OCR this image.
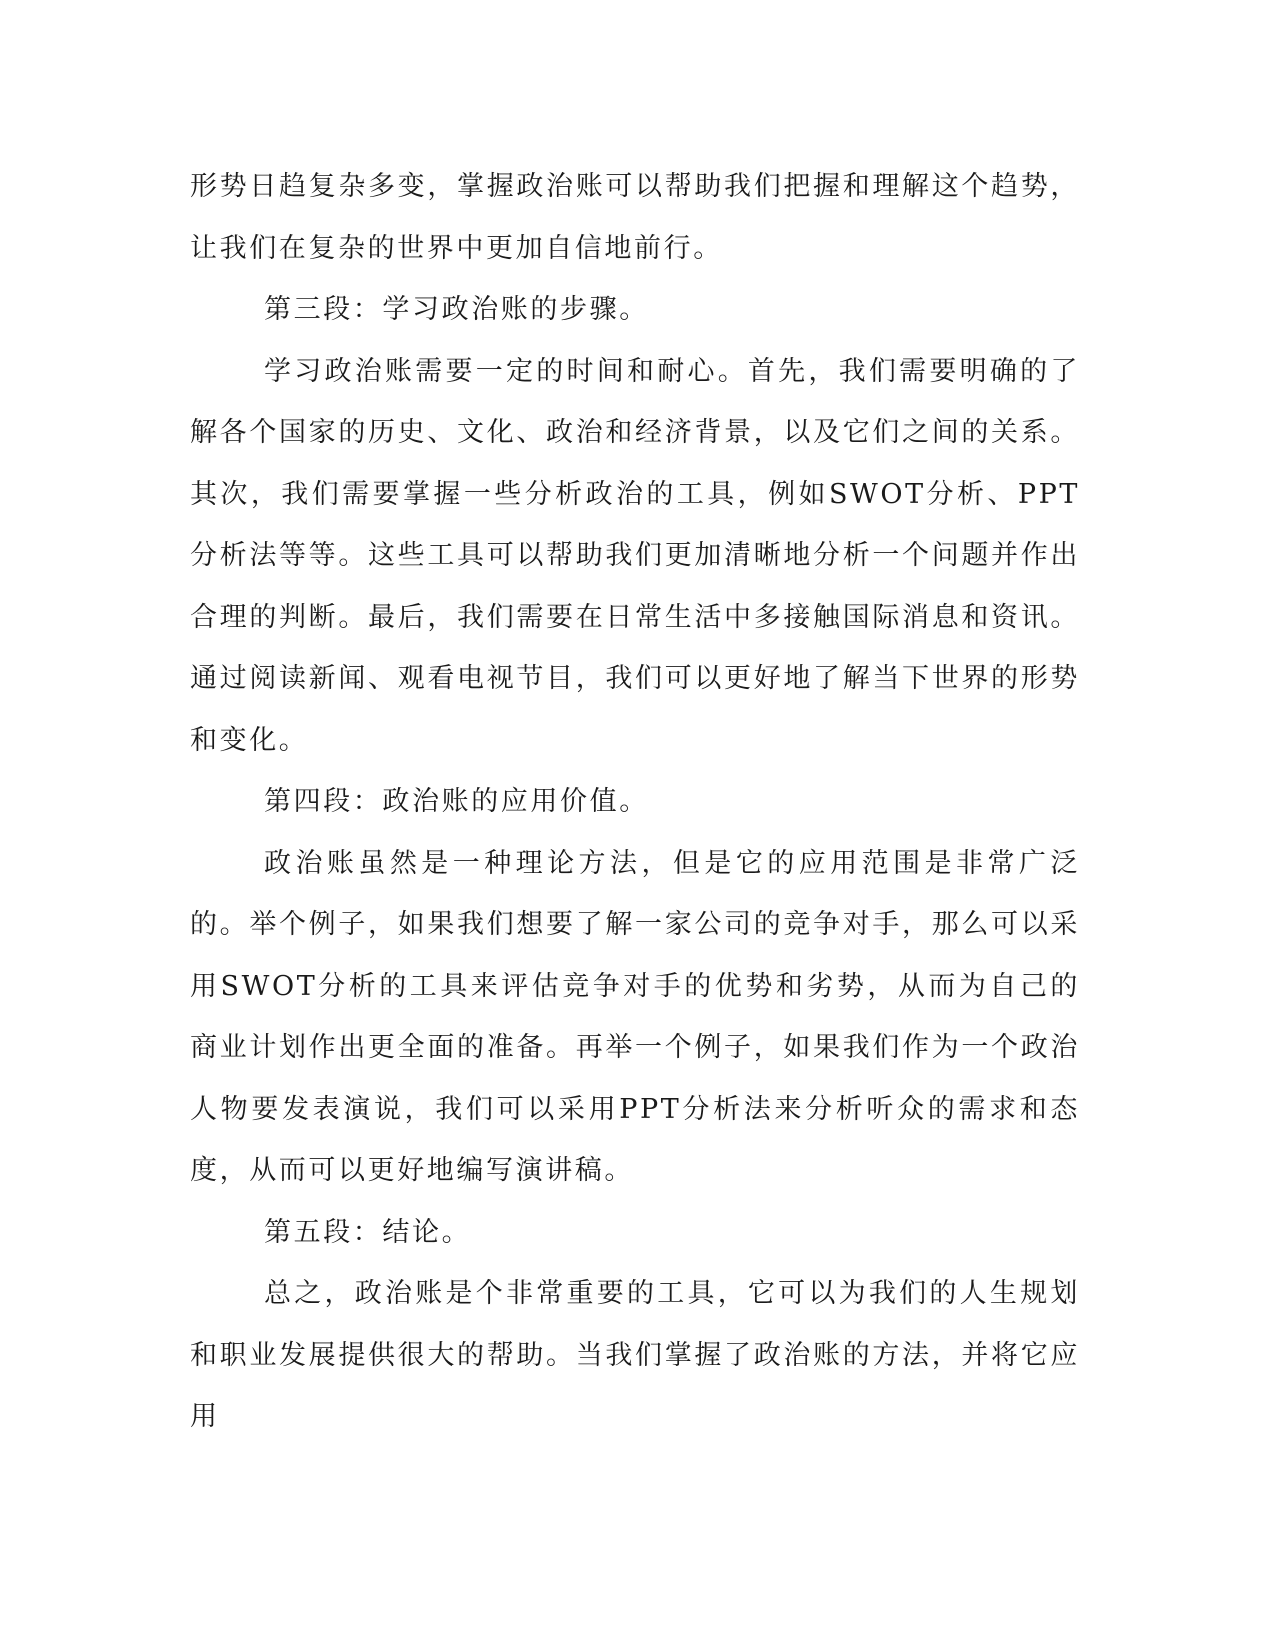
形势日趋复杂多变，掌握政治账可以帮助我们把握和理解这个趋势，让我们在复杂的世界中更加自信地前行。

第三段：学习政治账的步骤。

学习政治账需要一定的时间和耐心。首先，我们需要明确的了解各个国家的历史、文化、政治和经济背景，以及它们之间的关系。其次，我们需要掌握一些分析政治的工具，例如SWOT分析、PPT分析法等等。这些工具可以帮助我们更加清晰地分析一个问题并作出合理的判断。最后，我们需要在日常生活中多接触国际消息和资讯。通过阅读新闻、观看电视节目，我们可以更好地了解当下世界的形势和变化。

第四段：政治账的应用价值。

政治账虽然是一种理论方法，但是它的应用范围是非常广泛的。举个例子，如果我们想要了解一家公司的竞争对手，那么可以采用SWOT分析的工具来评估竞争对手的优势和劣势，从而为自己的商业计划作出更全面的准备。再举一个例子，如果我们作为一个政治人物要发表演说，我们可以采用PPT分析法来分析听众的需求和态度，从而可以更好地编写演讲稿。

第五段：结论。

总之，政治账是个非常重要的工具，它可以为我们的人生规划和职业发展提供很大的帮助。当我们掌握了政治账的方法，并将它应用
